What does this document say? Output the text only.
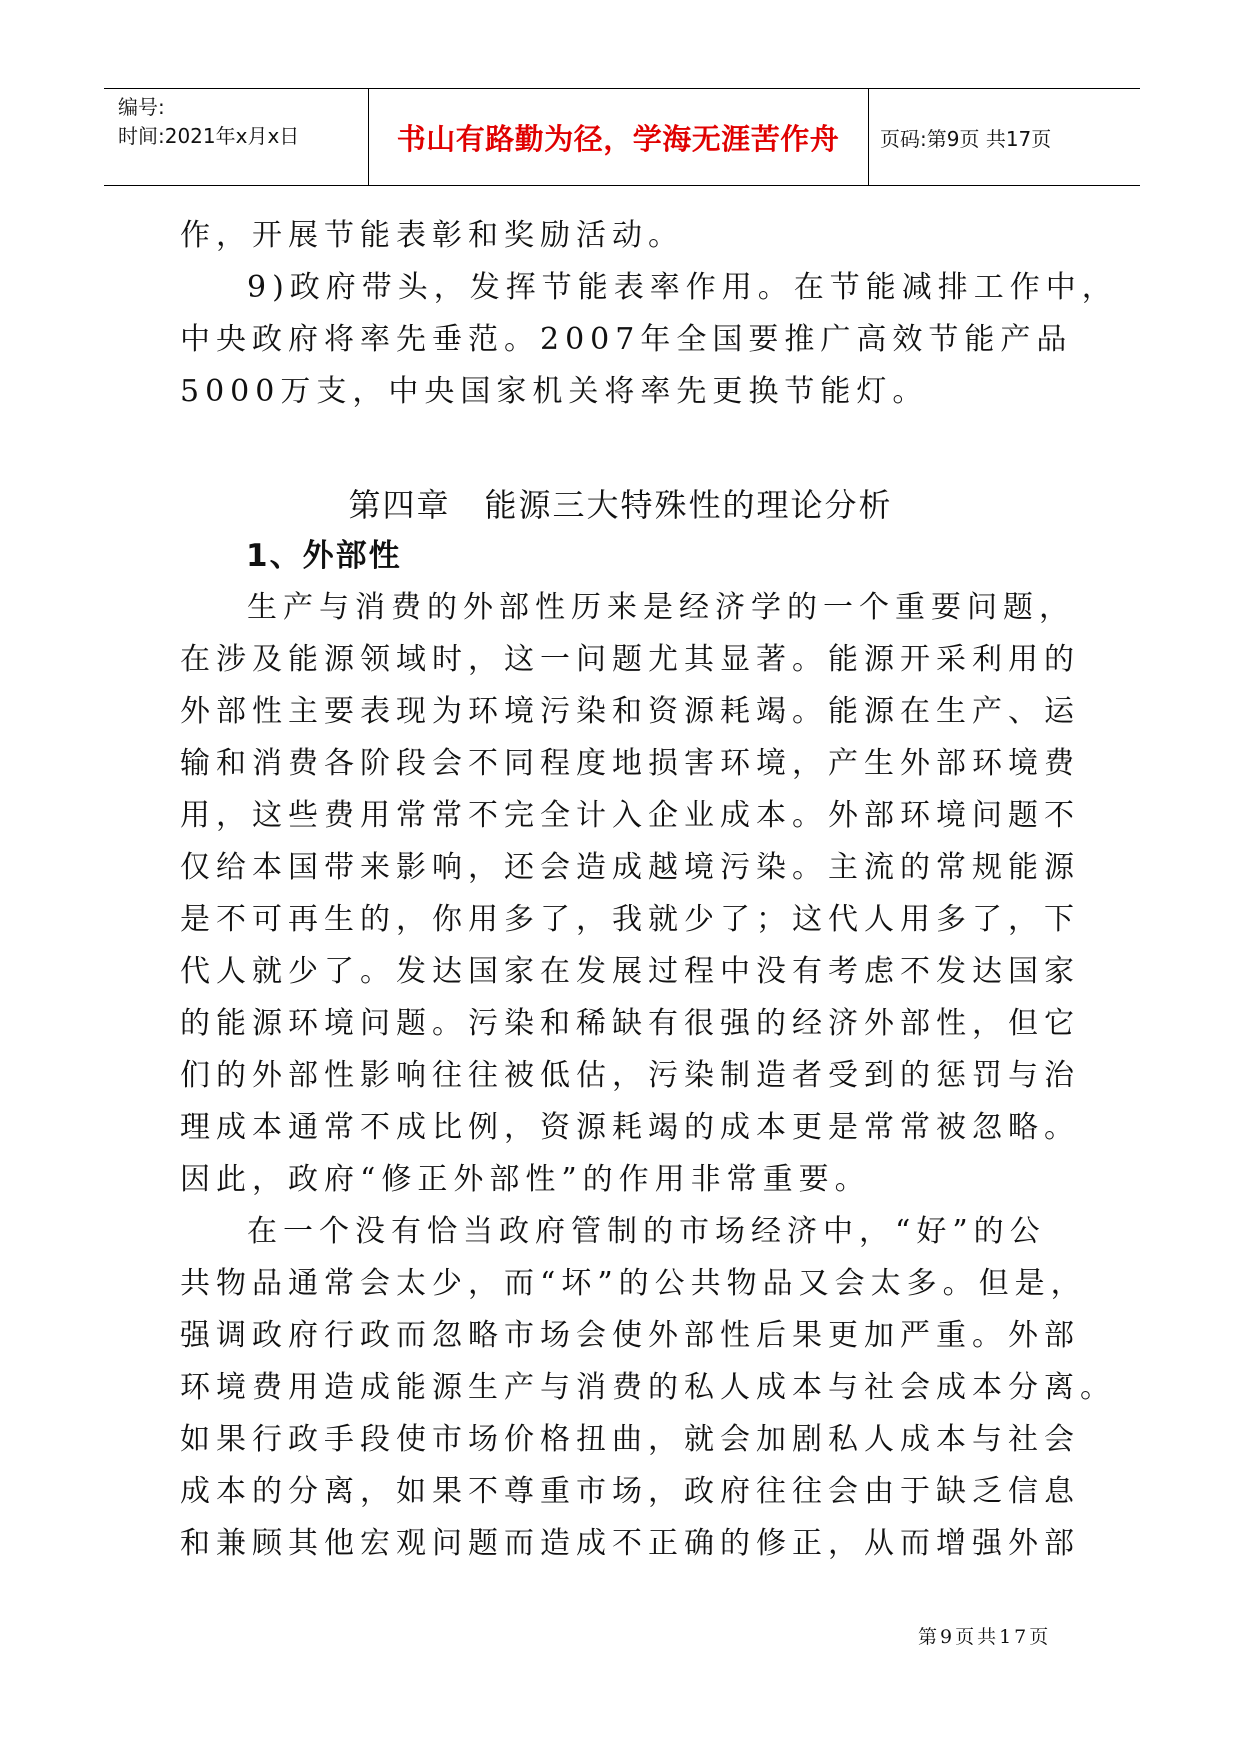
编号:
时间:2021年x月x日	书山有路勤为径，学海无涯苦作舟	页码:第9页 共17页

作，开展节能表彰和奖励活动。

9)政府带头，发挥节能表率作用。在节能减排工作中，

中央政府将率先垂范。2007年全国要推广高效节能产品

5000万支，中央国家机关将率先更换节能灯。

第四章　能源三大特殊性的理论分析
1、外部性

生产与消费的外部性历来是经济学的一个重要问题，

在涉及能源领域时，这一问题尤其显著。能源开采利用的

外部性主要表现为环境污染和资源耗竭。能源在生产、运

输和消费各阶段会不同程度地损害环境，产生外部环境费

用，这些费用常常不完全计入企业成本。外部环境问题不

仅给本国带来影响，还会造成越境污染。主流的常规能源

是不可再生的，你用多了，我就少了；这代人用多了，下

代人就少了。发达国家在发展过程中没有考虑不发达国家

的能源环境问题。污染和稀缺有很强的经济外部性，但它

们的外部性影响往往被低估，污染制造者受到的惩罚与治

理成本通常不成比例，资源耗竭的成本更是常常被忽略。

因此，政府“修正外部性”的作用非常重要。

在一个没有恰当政府管制的市场经济中，“好”的公

共物品通常会太少，而“坏”的公共物品又会太多。但是，

强调政府行政而忽略市场会使外部性后果更加严重。外部

环境费用造成能源生产与消费的私人成本与社会成本分离。

如果行政手段使市场价格扭曲，就会加剧私人成本与社会

成本的分离，如果不尊重市场，政府往往会由于缺乏信息

和兼顾其他宏观问题而造成不正确的修正，从而增强外部

第9页共17页
